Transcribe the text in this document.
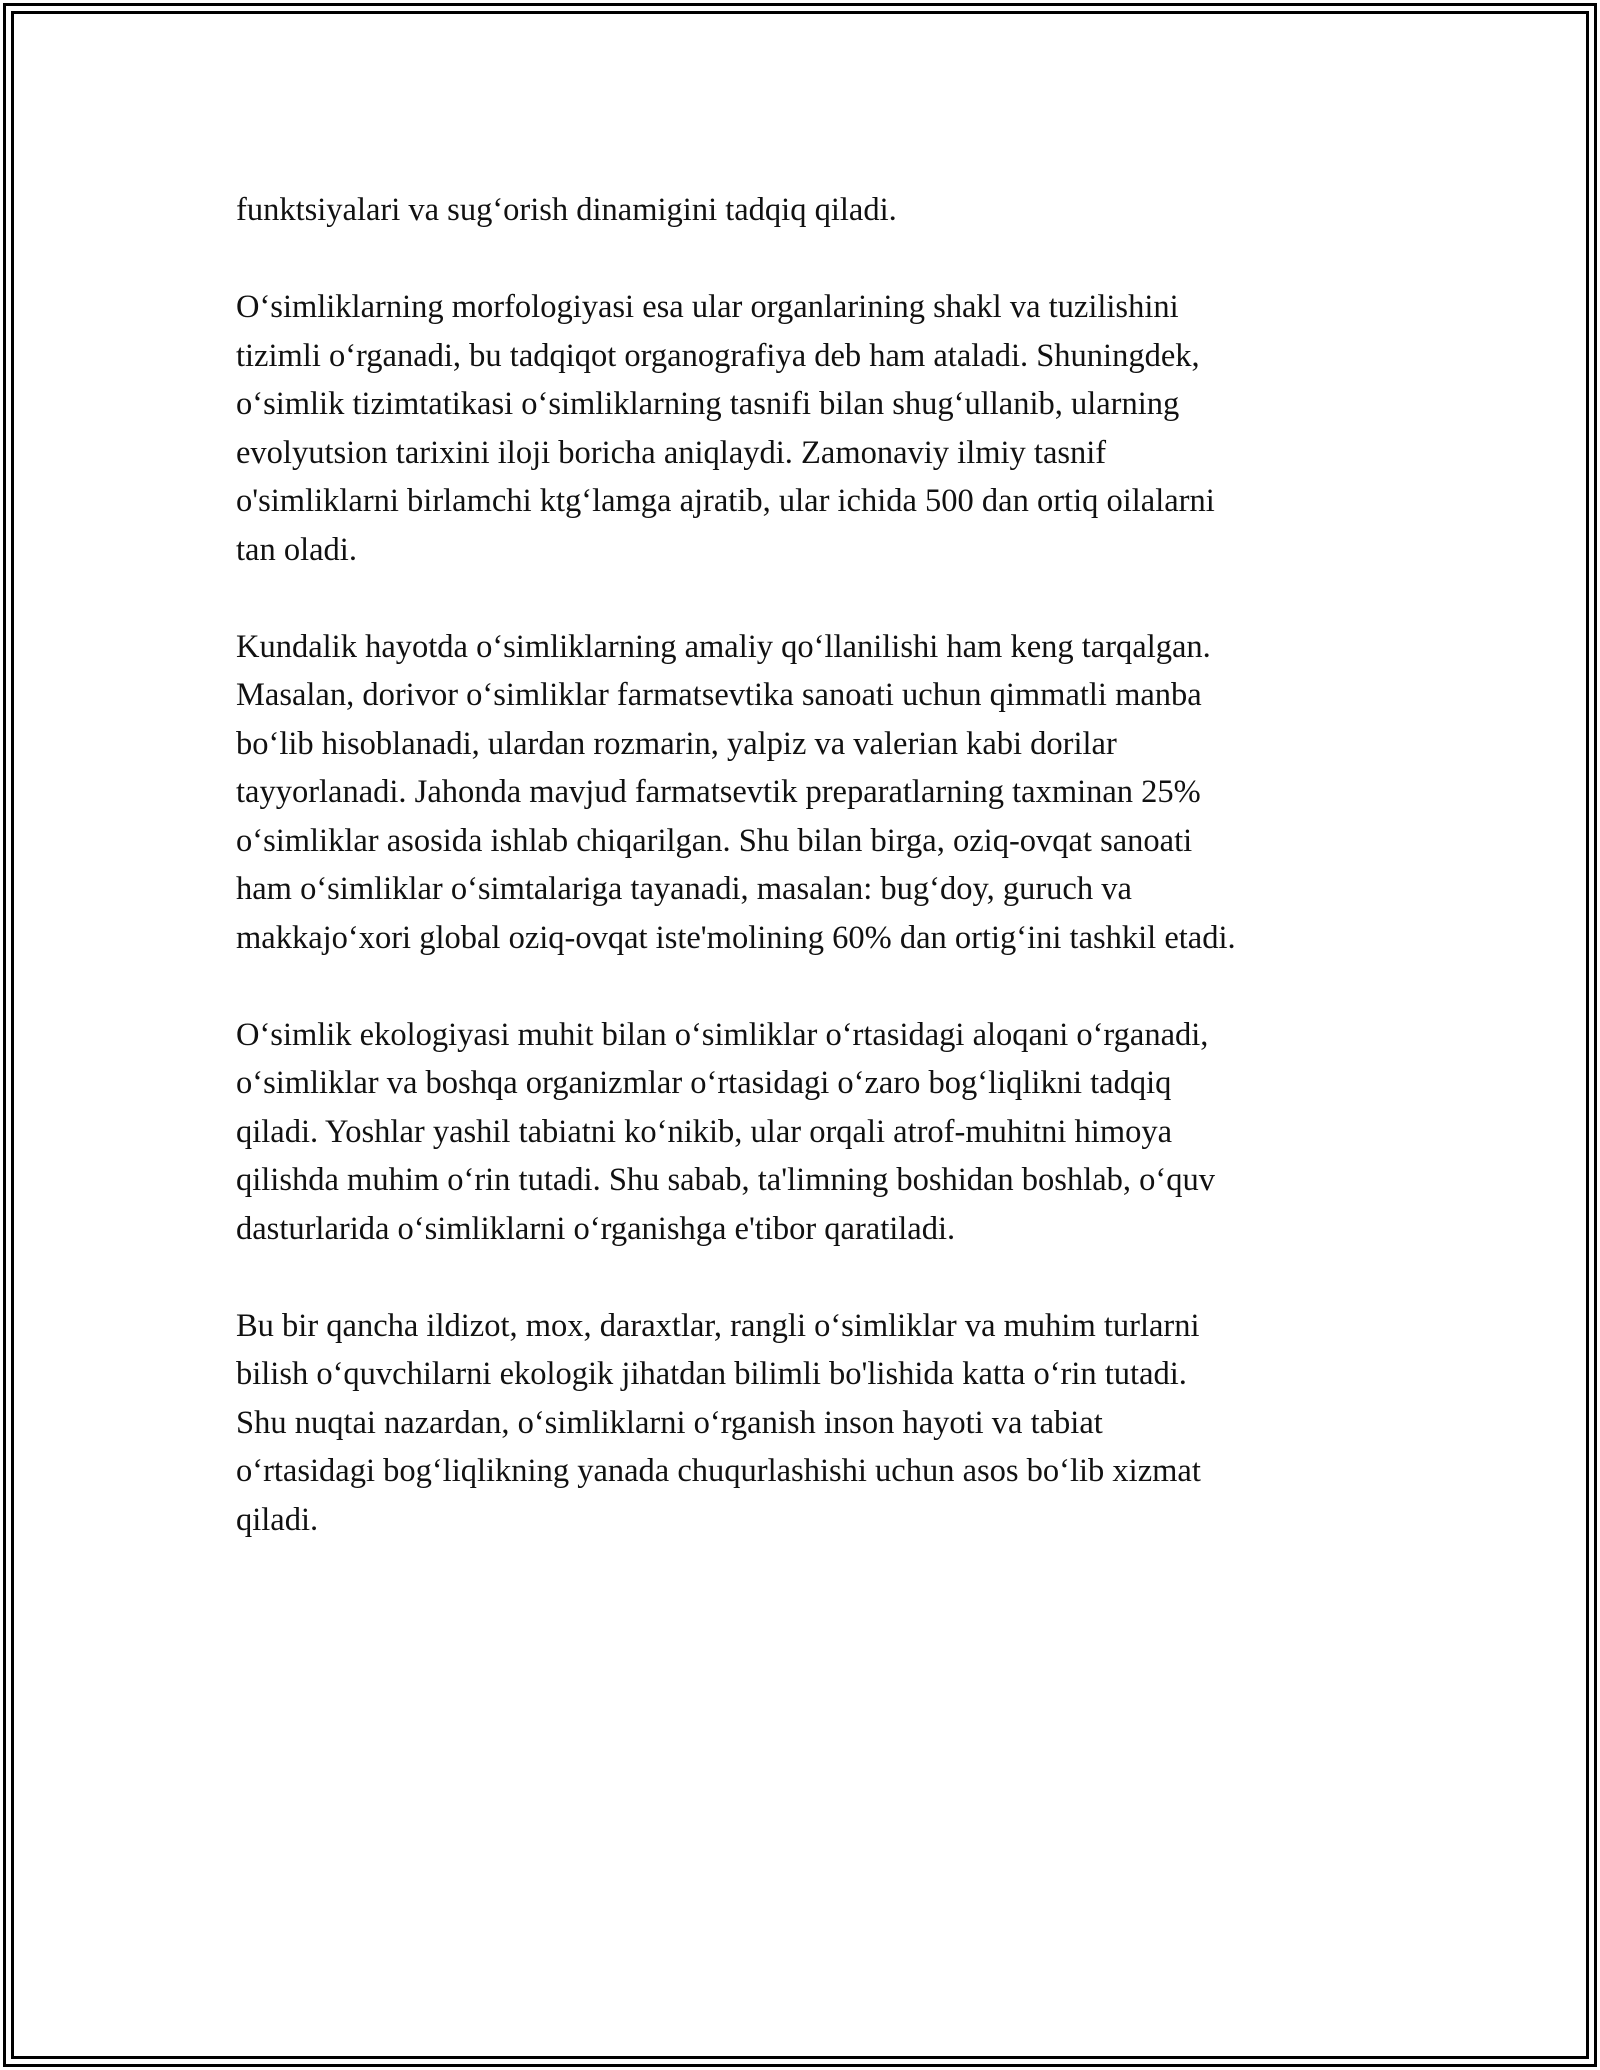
funktsiyalari va sug‘orish dinamigini tadqiq qiladi.

O‘simliklarning morfologiyasi esa ular organlarining shakl va tuzilishini
tizimli o‘rganadi, bu tadqiqot organografiya deb ham ataladi. Shuningdek,
o‘simlik tizimtatikasi o‘simliklarning tasnifi bilan shug‘ullanib, ularning
evolyutsion tarixini iloji boricha aniqlaydi. Zamonaviy ilmiy tasnif
o'simliklarni birlamchi ktg‘lamga ajratib, ular ichida 500 dan ortiq oilalarni
tan oladi.

Kundalik hayotda o‘simliklarning amaliy qo‘llanilishi ham keng tarqalgan.
Masalan, dorivor o‘simliklar farmatsevtika sanoati uchun qimmatli manba
bo‘lib hisoblanadi, ulardan rozmarin, yalpiz va valerian kabi dorilar
tayyorlanadi. Jahonda mavjud farmatsevtik preparatlarning taxminan 25%
o‘simliklar asosida ishlab chiqarilgan. Shu bilan birga, oziq-ovqat sanoati
ham o‘simliklar o‘simtalariga tayanadi, masalan: bug‘doy, guruch va
makkajo‘xori global oziq-ovqat iste'molining 60% dan ortig‘ini tashkil etadi.

O‘simlik ekologiyasi muhit bilan o‘simliklar o‘rtasidagi aloqani o‘rganadi,
o‘simliklar va boshqa organizmlar o‘rtasidagi o‘zaro bog‘liqlikni tadqiq
qiladi. Yoshlar yashil tabiatni ko‘nikib, ular orqali atrof-muhitni himoya
qilishda muhim o‘rin tutadi. Shu sabab, ta'limning boshidan boshlab, o‘quv
dasturlarida o‘simliklarni o‘rganishga e'tibor qaratiladi.

Bu bir qancha ildizot, mox, daraxtlar, rangli o‘simliklar va muhim turlarni
bilish o‘quvchilarni ekologik jihatdan bilimli bo'lishida katta o‘rin tutadi.
Shu nuqtai nazardan, o‘simliklarni o‘rganish inson hayoti va tabiat
o‘rtasidagi bog‘liqlikning yanada chuqurlashishi uchun asos bo‘lib xizmat
qiladi.
